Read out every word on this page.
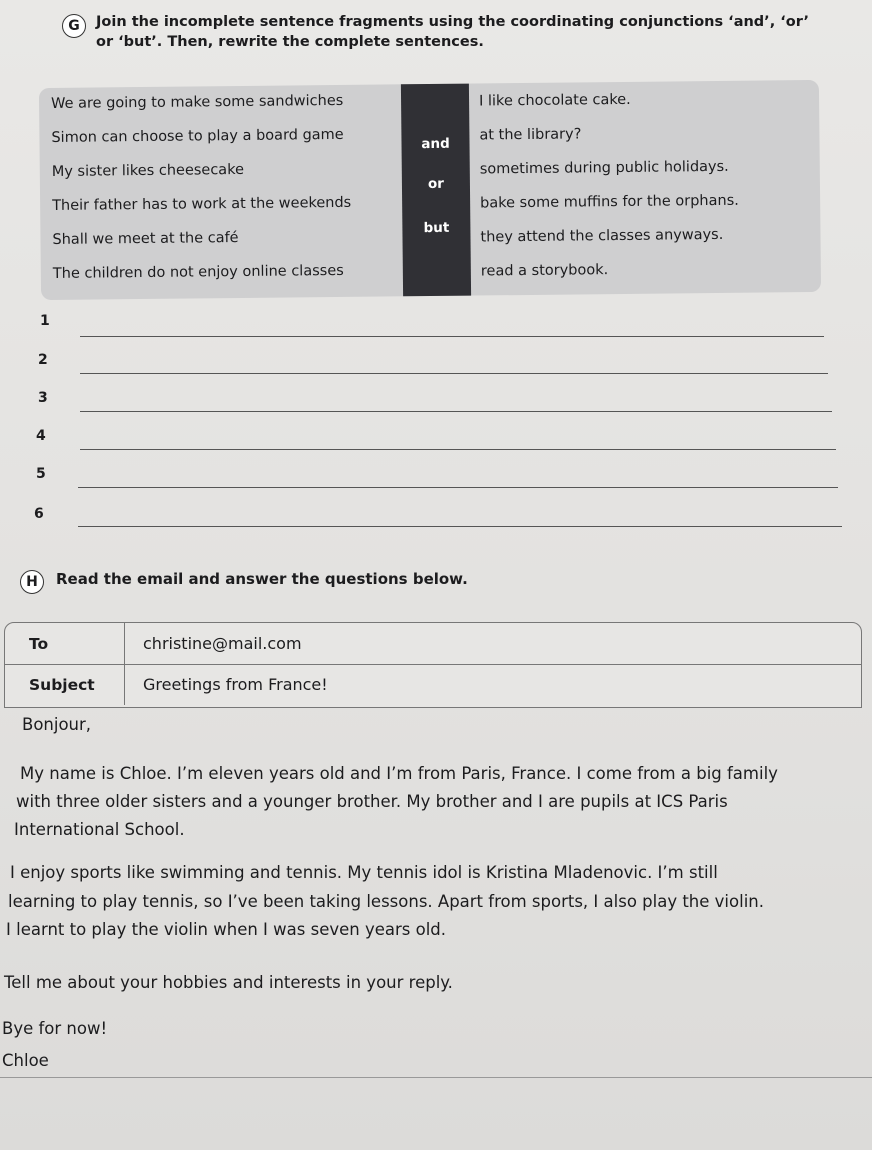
G	Join the incomplete sentence fragments using the coordinating conjunctions ‘and’, ‘or’
or ‘but’. Then, rewrite the complete sentences.
We are going to make some sandwiches
Simon can choose to play a board game
My sister likes cheesecake
Their father has to work at the weekends
Shall we meet at the café
The children do not enjoy online classes
and
or
but
I like chocolate cake.
at the library?
sometimes during public holidays.
bake some muffins for the orphans.
they attend the classes anyways.
read a storybook.
1
2
3
4
5
6
H	Read the email and answer the questions below.
To	christine@mail.com
Subject	Greetings from France!
Bonjour,
My name is Chloe. I’m eleven years old and I’m from Paris, France. I come from a big family
with three older sisters and a younger brother. My brother and I are pupils at ICS Paris
International School.
I enjoy sports like swimming and tennis. My tennis idol is Kristina Mladenovic. I’m still
learning to play tennis, so I’ve been taking lessons. Apart from sports, I also play the violin.
I learnt to play the violin when I was seven years old.
Tell me about your hobbies and interests in your reply.
Bye for now!
Chloe
